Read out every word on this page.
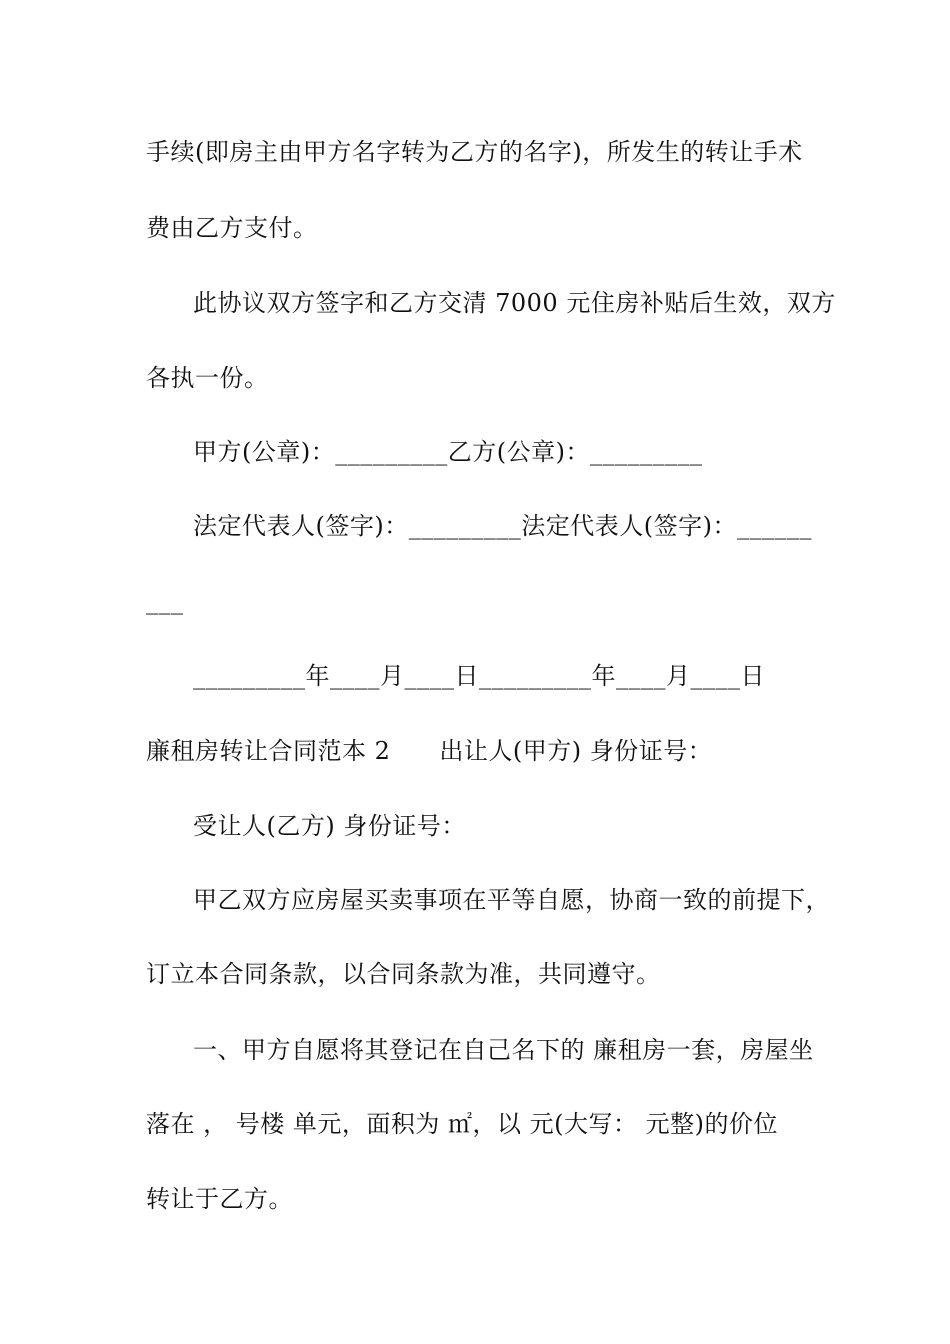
手续(即房主由甲方名字转为乙方的名字)，所发生的转让手术
费由乙方支付。
此协议双方签字和乙方交清 7000 元住房补贴后生效，双方
各执一份。
甲方(公章)：_________乙方(公章)：_________
法定代表人(签字)：_________法定代表人(签字)：______
___
_________年____月____日_________年____月____日
廉租房转让合同范本 2　　出让人(甲方) 身份证号：
受让人(乙方) 身份证号：
甲乙双方应房屋买卖事项在平等自愿，协商一致的前提下，
订立本合同条款，以合同条款为准，共同遵守。
一、甲方自愿将其登记在自己名下的 廉租房一套，房屋坐
落在 ， 号楼 单元，面积为 ㎡，以 元(大写： 元整)的价位
转让于乙方。
